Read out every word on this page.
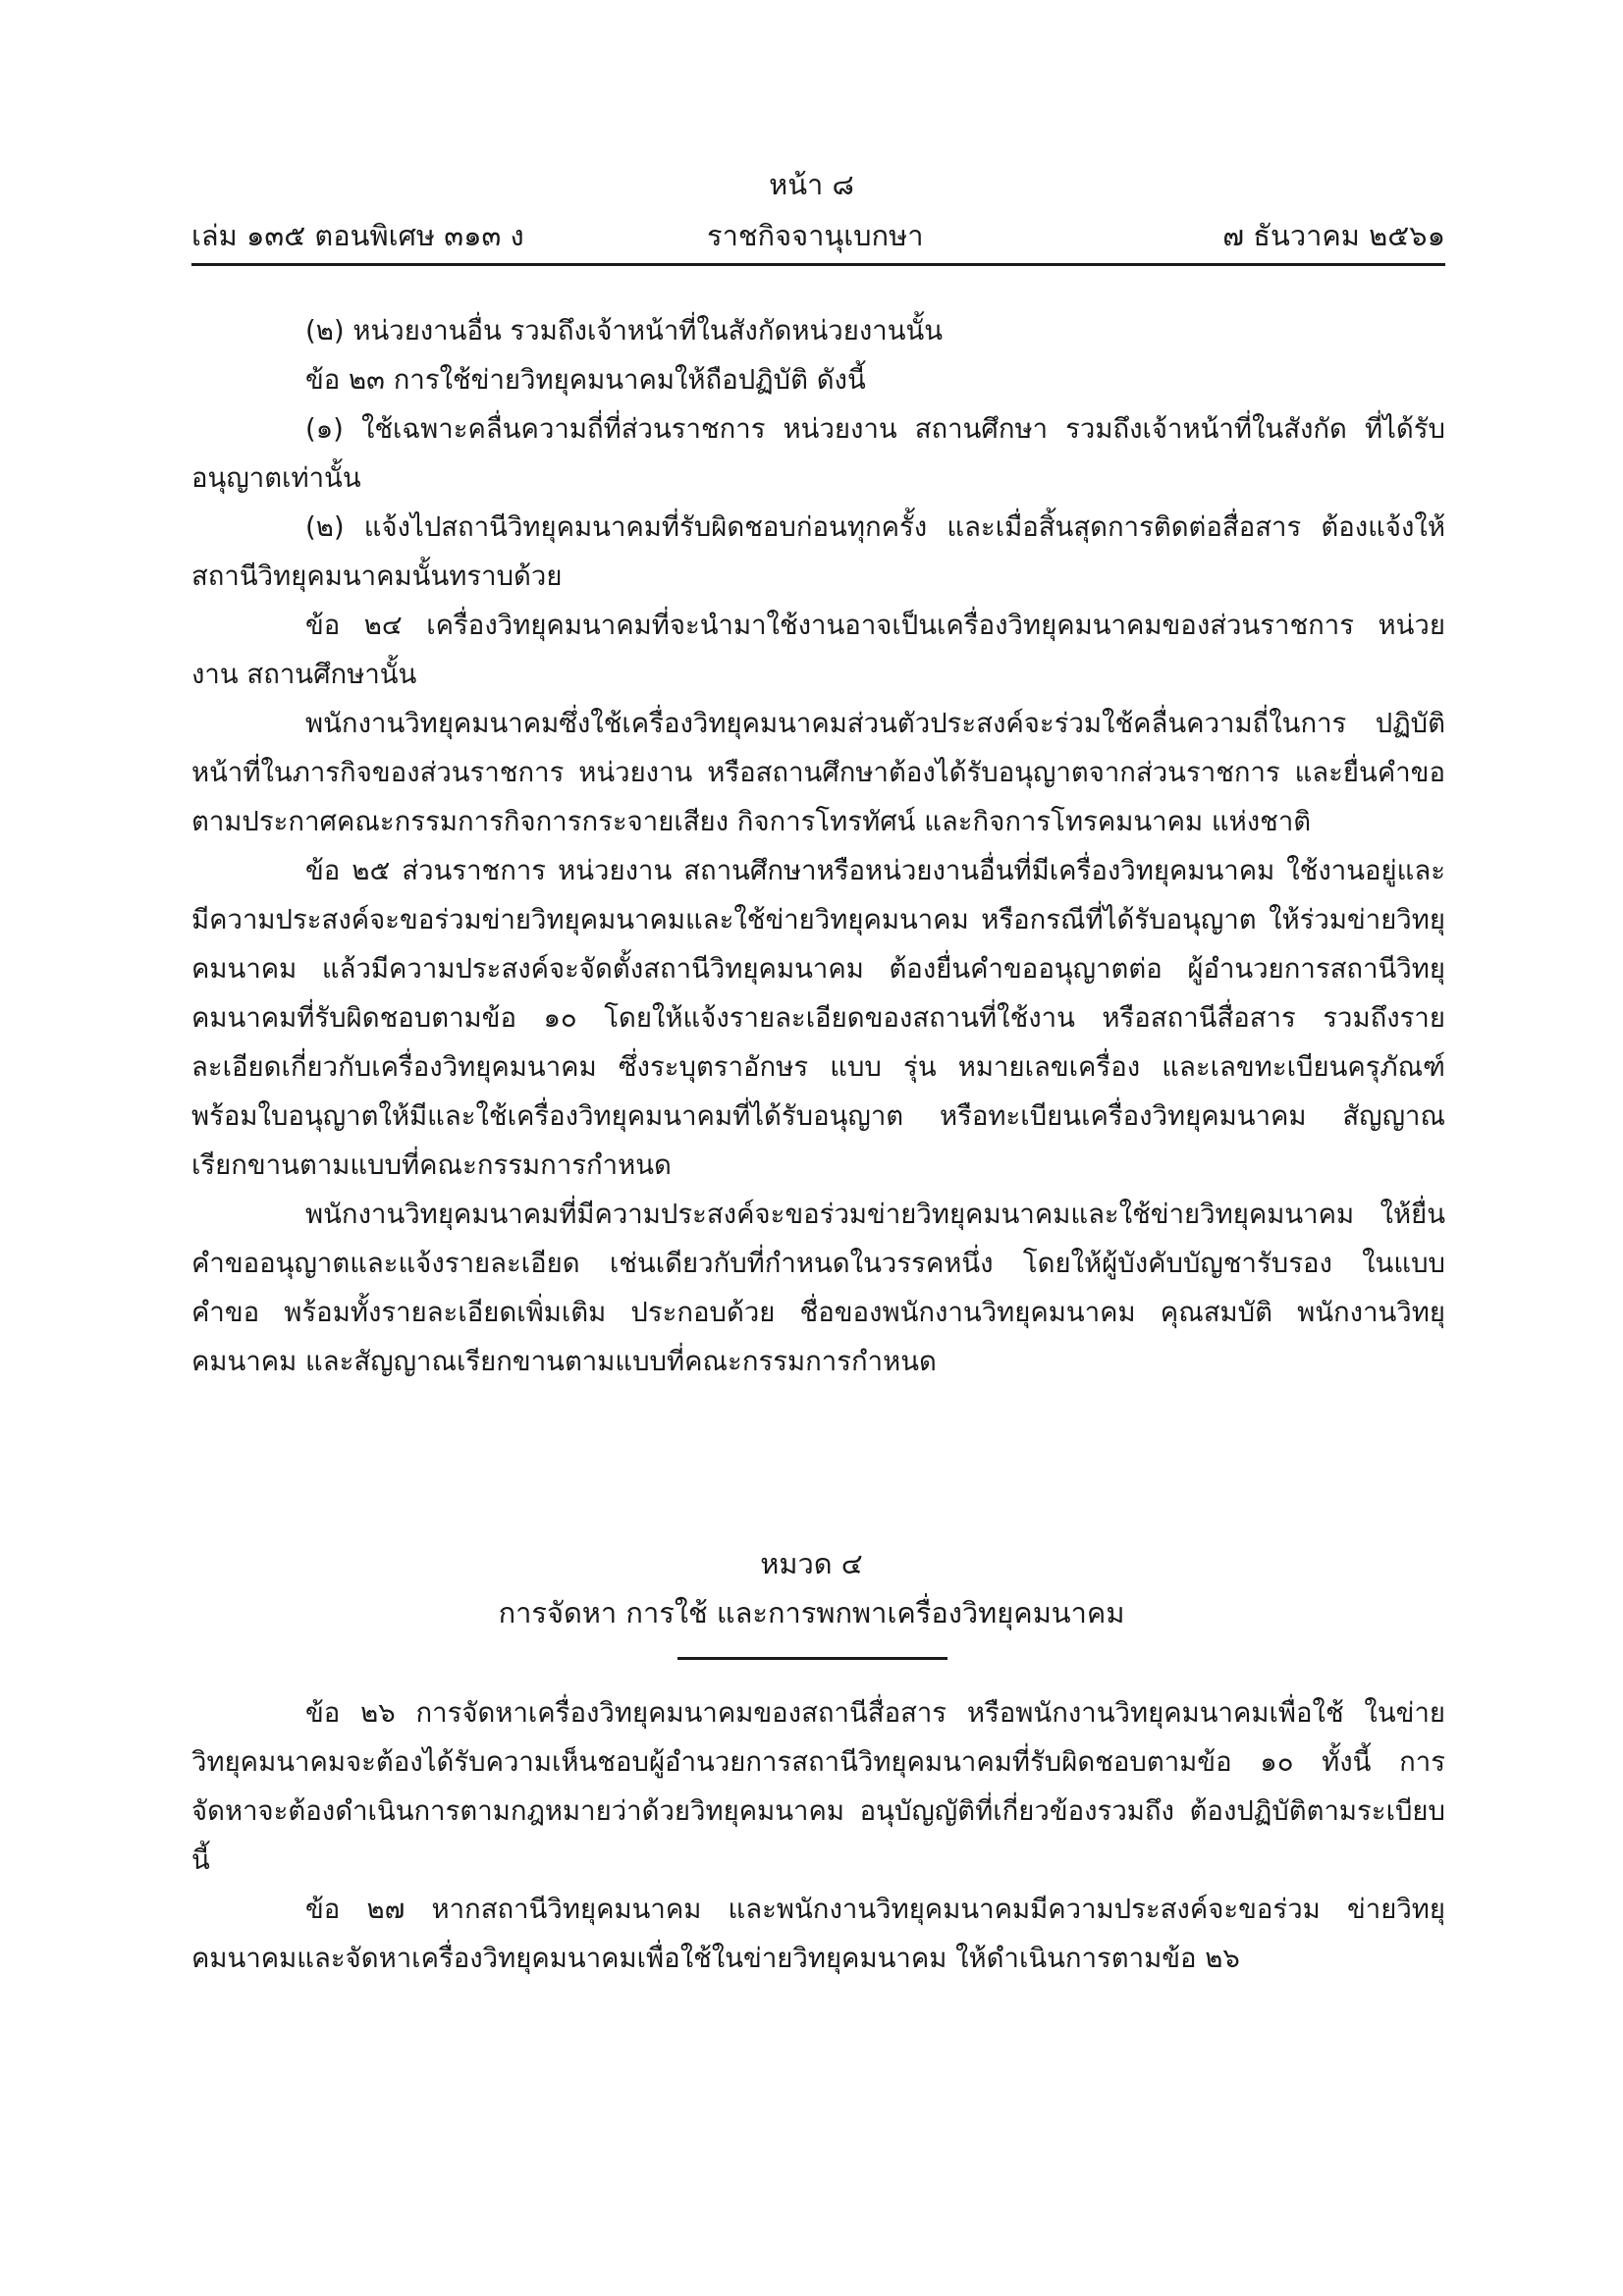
หน้า ๘
เล่ม ๑๓๕ ตอนพิเศษ ๓๑๓ ง	ราชกิจจานุเบกษา	๗ ธันวาคม ๒๕๖๑

(๒) หน่วยงานอื่น รวมถึงเจ้าหน้าที่ในสังกัดหน่วยงานนั้น

ข้อ ๒๓ การใช้ข่ายวิทยุคมนาคมให้ถือปฏิบัติ ดังนี้

(๑) ใช้เฉพาะคลื่นความถี่ที่ส่วนราชการ หน่วยงาน สถานศึกษา รวมถึงเจ้าหน้าที่ในสังกัด ที่ได้รับอนุญาตเท่านั้น

(๒) แจ้งไปสถานีวิทยุคมนาคมที่รับผิดชอบก่อนทุกครั้ง และเมื่อสิ้นสุดการติดต่อสื่อสาร ต้องแจ้งให้สถานีวิทยุคมนาคมนั้นทราบด้วย

ข้อ ๒๔ เครื่องวิทยุคมนาคมที่จะนำมาใช้งานอาจเป็นเครื่องวิทยุคมนาคมของส่วนราชการ หน่วยงาน สถานศึกษานั้น

พนักงานวิทยุคมนาคมซึ่งใช้เครื่องวิทยุคมนาคมส่วนตัวประสงค์จะร่วมใช้คลื่นความถี่ในการ ปฏิบัติหน้าที่ในภารกิจของส่วนราชการ หน่วยงาน หรือสถานศึกษาต้องได้รับอนุญาตจากส่วนราชการ และยื่นคำขอตามประกาศคณะกรรมการกิจการกระจายเสียง กิจการโทรทัศน์ และกิจการโทรคมนาคม แห่งชาติ

ข้อ ๒๕ ส่วนราชการ หน่วยงาน สถานศึกษาหรือหน่วยงานอื่นที่มีเครื่องวิทยุคมนาคม ใช้งานอยู่และมีความประสงค์จะขอร่วมข่ายวิทยุคมนาคมและใช้ข่ายวิทยุคมนาคม หรือกรณีที่ได้รับอนุญาต ให้ร่วมข่ายวิทยุคมนาคม แล้วมีความประสงค์จะจัดตั้งสถานีวิทยุคมนาคม ต้องยื่นคำขออนุญาตต่อ ผู้อำนวยการสถานีวิทยุคมนาคมที่รับผิดชอบตามข้อ ๑๐ โดยให้แจ้งรายละเอียดของสถานที่ใช้งาน หรือสถานีสื่อสาร รวมถึงรายละเอียดเกี่ยวกับเครื่องวิทยุคมนาคม ซึ่งระบุตราอักษร แบบ รุ่น หมายเลขเครื่อง และเลขทะเบียนครุภัณฑ์ พร้อมใบอนุญาตให้มีและใช้เครื่องวิทยุคมนาคมที่ได้รับอนุญาต หรือทะเบียนเครื่องวิทยุคมนาคม สัญญาณเรียกขานตามแบบที่คณะกรรมการกำหนด

พนักงานวิทยุคมนาคมที่มีความประสงค์จะขอร่วมข่ายวิทยุคมนาคมและใช้ข่ายวิทยุคมนาคม ให้ยื่นคำขออนุญาตและแจ้งรายละเอียด เช่นเดียวกับที่กำหนดในวรรคหนึ่ง โดยให้ผู้บังคับบัญชารับรอง ในแบบคำขอ พร้อมทั้งรายละเอียดเพิ่มเติม ประกอบด้วย ชื่อของพนักงานวิทยุคมนาคม คุณสมบัติ พนักงานวิทยุคมนาคม และสัญญาณเรียกขานตามแบบที่คณะกรรมการกำหนด

หมวด ๔
การจัดหา การใช้ และการพกพาเครื่องวิทยุคมนาคม

ข้อ ๒๖ การจัดหาเครื่องวิทยุคมนาคมของสถานีสื่อสาร หรือพนักงานวิทยุคมนาคมเพื่อใช้ ในข่ายวิทยุคมนาคมจะต้องได้รับความเห็นชอบผู้อำนวยการสถานีวิทยุคมนาคมที่รับผิดชอบตามข้อ ๑๐ ทั้งนี้ การจัดหาจะต้องดำเนินการตามกฎหมายว่าด้วยวิทยุคมนาคม อนุบัญญัติที่เกี่ยวข้องรวมถึง ต้องปฏิบัติตามระเบียบนี้

ข้อ ๒๗ หากสถานีวิทยุคมนาคม และพนักงานวิทยุคมนาคมมีความประสงค์จะขอร่วม ข่ายวิทยุคมนาคมและจัดหาเครื่องวิทยุคมนาคมเพื่อใช้ในข่ายวิทยุคมนาคม ให้ดำเนินการตามข้อ ๒๖
